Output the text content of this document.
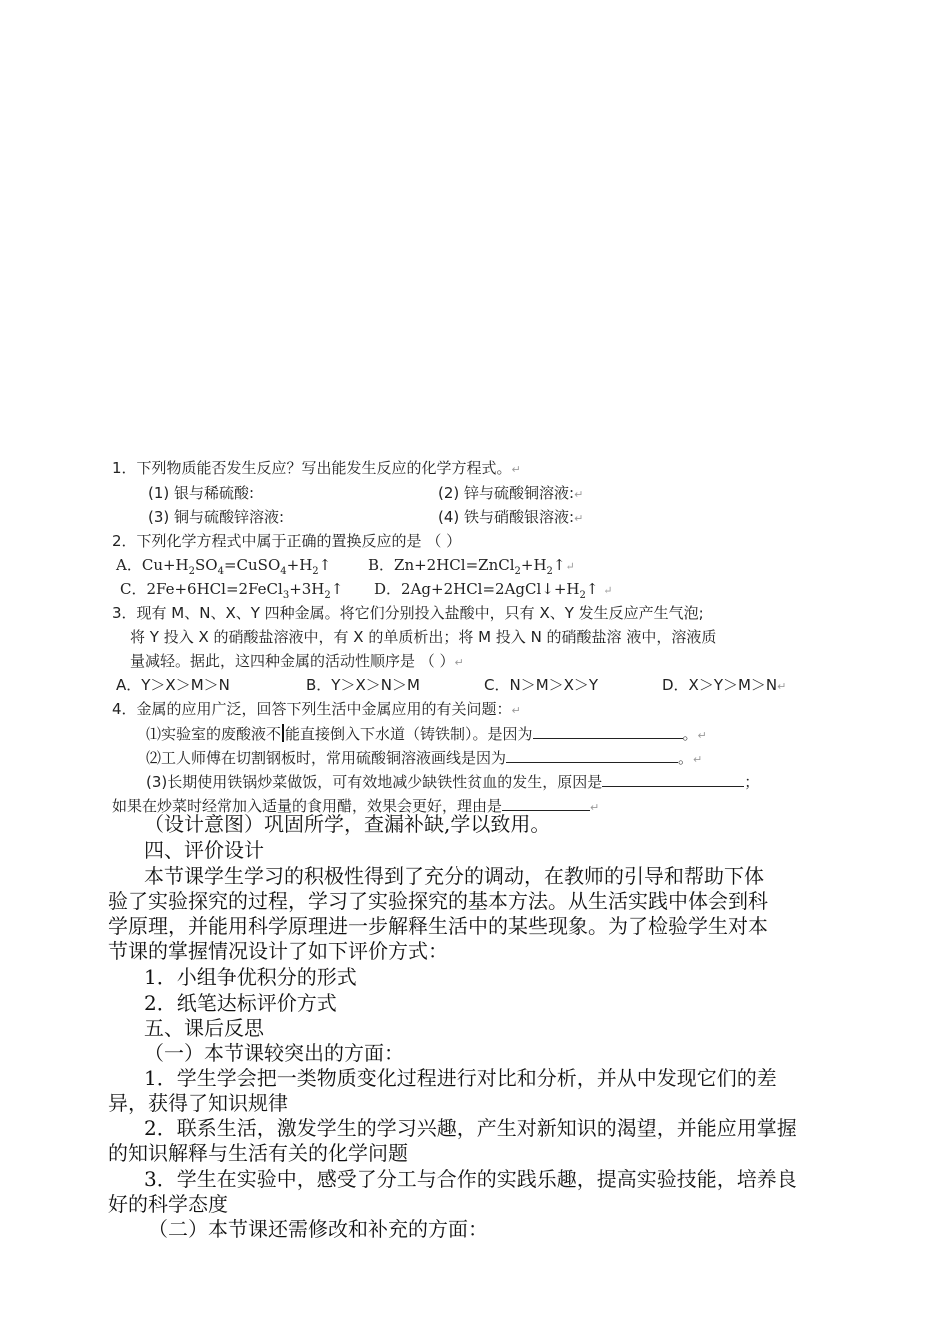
1．下列物质能否发生反应？写出能发生反应的化学方程式。↵
(1) 银与稀硫酸:	(2) 锌与硫酸铜溶液:↵
(3) 铜与硫酸锌溶液:	(4) 铁与硝酸银溶液:↵
2．下列化学方程式中属于正确的置换反应的是 （ ）
A．$Cu+H_2SO_4=CuSO_4+H_2↑$ B．$Zn+2HCl=ZnCl_2+H_2↑↵$
C．$2Fe+6HCl=2FeCl_3+3H_2↑$ D．$2Ag+2HCl=2AgCl↓+H_2↑$ ↵
3．现有 M、N、X、Y 四种金属。将它们分别投入盐酸中，只有 X、Y 发生反应产生气泡;
将 Y 投入 X 的硝酸盐溶液中，有 X 的单质析出；将 M 投入 N 的硝酸盐溶 液中，溶液质
量减轻。据此，这四种金属的活动性顺序是 （ ）↵
A．Y＞X＞M＞N	B．Y＞X＞N＞M	C．N＞M＞X＞Y	D．X＞Y＞M＞N↵
4．金属的应用广泛，回答下列生活中金属应用的有关问题：↵
⑴实验室的废酸液不 能直接倒入下水道（铸铁制）。是因为	。↵
⑵工人师傅在切割钢板时，常用硫酸铜溶液画线是因为	。↵
(3)长期使用铁锅炒菜做饭，可有效地减少缺铁性贫血的发生，原因是	；
如果在炒菜时经常加入适量的食用醋，效果会更好，理由是	↵
（设计意图）巩固所学，查漏补缺,学以致用。
四、评价设计
本节课学生学习的积极性得到了充分的调动，在教师的引导和帮助下体
验了实验探究的过程，学习了实验探究的基本方法。从生活实践中体会到科
学原理，并能用科学原理进一步解释生活中的某些现象。为了检验学生对本
节课的掌握情况设计了如下评价方式：
1．小组争优积分的形式
2．纸笔达标评价方式
五、课后反思
（一）本节课较突出的方面：
1．学生学会把一类物质变化过程进行对比和分析，并从中发现它们的差
异，获得了知识规律
2．联系生活，激发学生的学习兴趣，产生对新知识的渴望，并能应用掌握
的知识解释与生活有关的化学问题
3．学生在实验中，感受了分工与合作的实践乐趣，提高实验技能，培养良
好的科学态度
（二）本节课还需修改和补充的方面：
